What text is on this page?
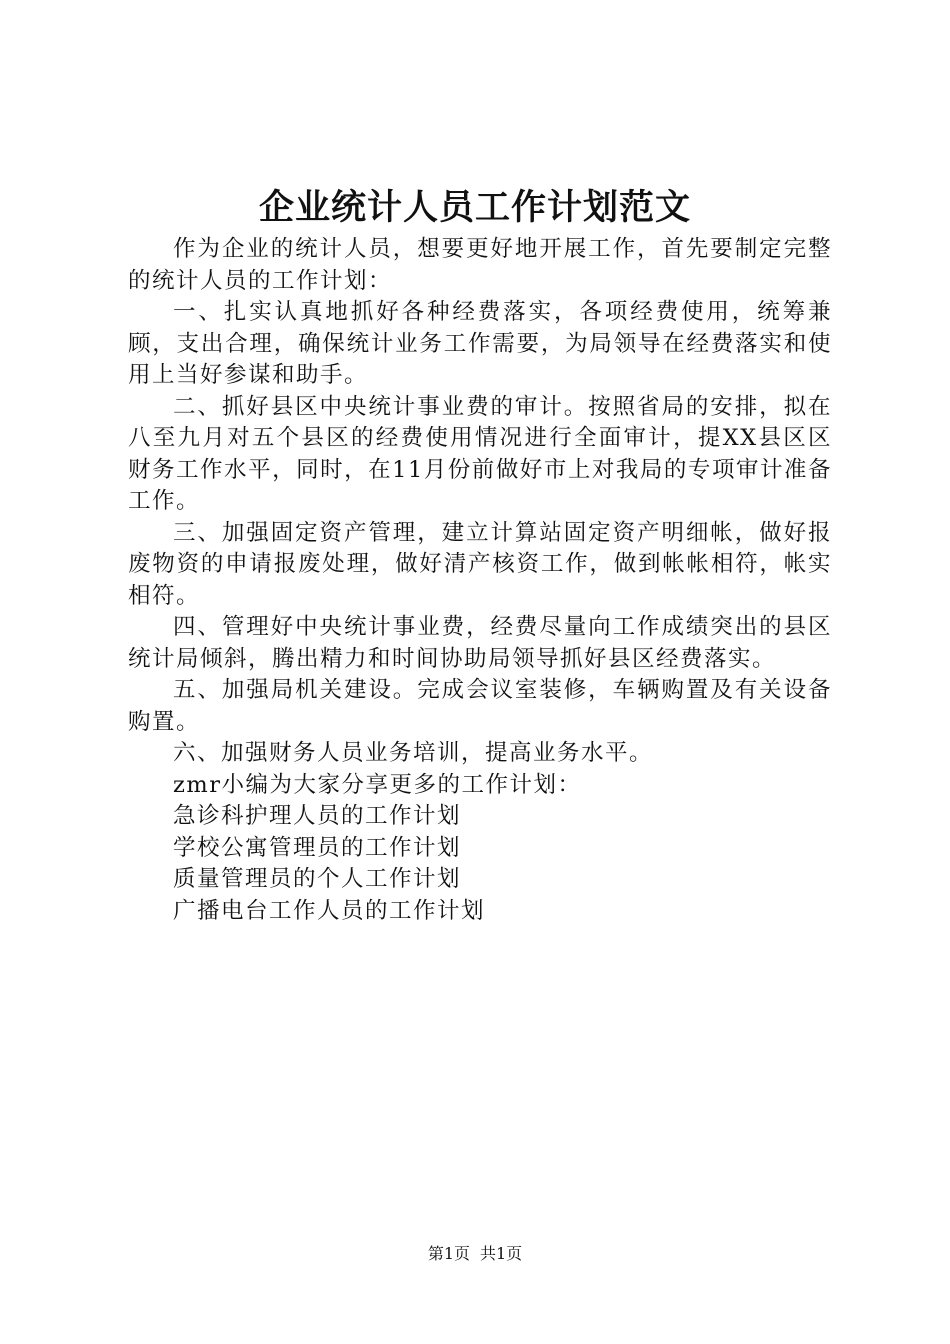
企业统计人员工作计划范文

作为企业的统计人员，想要更好地开展工作，首先要制定完整的统计人员的工作计划：

一、扎实认真地抓好各种经费落实，各项经费使用，统筹兼顾，支出合理，确保统计业务工作需要，为局领导在经费落实和使用上当好参谋和助手。

二、抓好县区中央统计事业费的审计。按照省局的安排，拟在八至九月对五个县区的经费使用情况进行全面审计，提XX县区区财务工作水平，同时，在11月份前做好市上对我局的专项审计准备工作。

三、加强固定资产管理，建立计算站固定资产明细帐，做好报废物资的申请报废处理，做好清产核资工作，做到帐帐相符，帐实相符。

四、管理好中央统计事业费，经费尽量向工作成绩突出的县区统计局倾斜，腾出精力和时间协助局领导抓好县区经费落实。

五、加强局机关建设。完成会议室装修，车辆购置及有关设备购置。

六、加强财务人员业务培训，提高业务水平。

zmr小编为大家分享更多的工作计划：

急诊科护理人员的工作计划

学校公寓管理员的工作计划

质量管理员的个人工作计划

广播电台工作人员的工作计划

第1页 共1页
